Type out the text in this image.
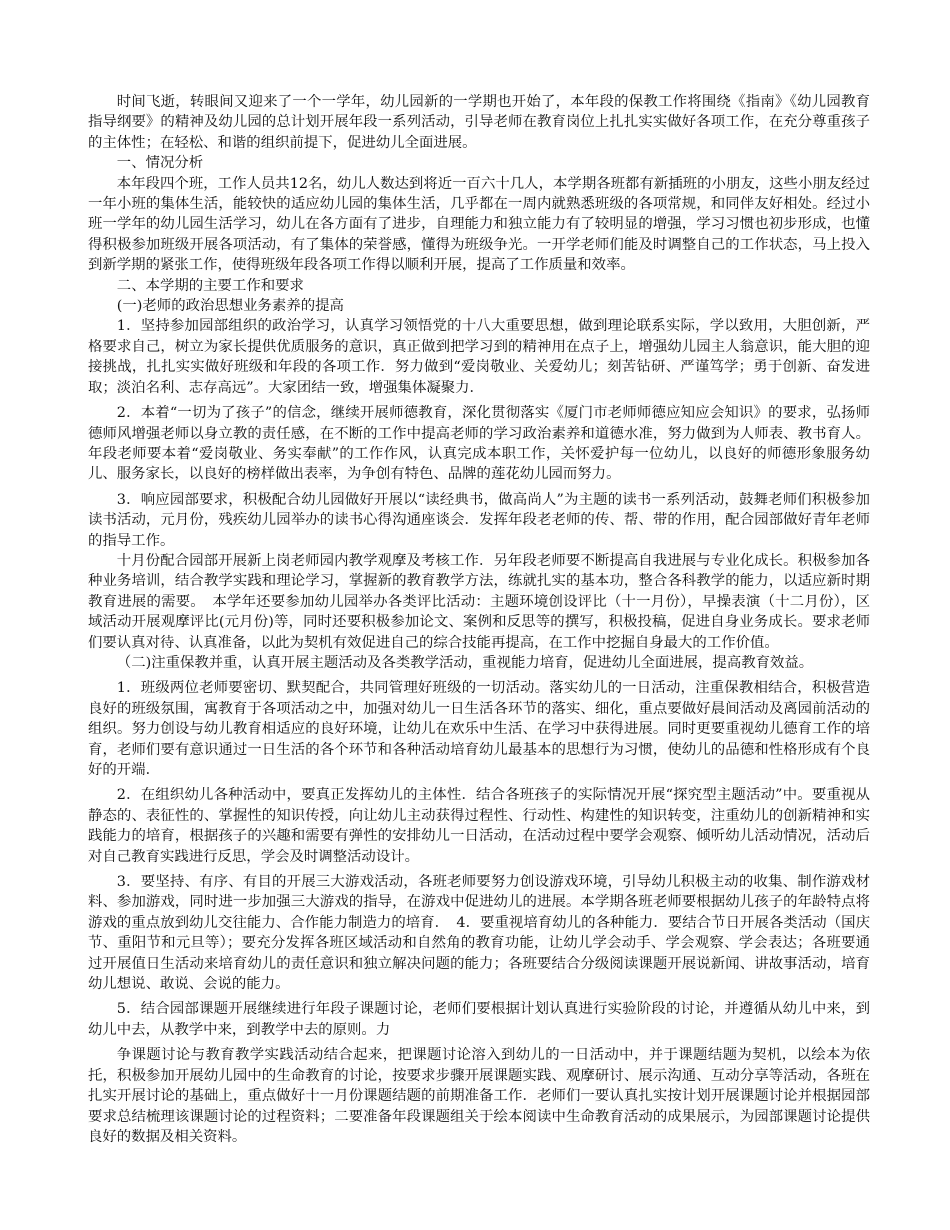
时间飞逝，转眼间又迎来了一个一学年，幼儿园新的一学期也开始了，本年段的保教工作将围绕《指南》《幼儿园教育指导纲要》的精神及幼儿园的总计划开展年段一系列活动，引导老师在教育岗位上扎扎实实做好各项工作，在充分尊重孩子的主体性；在轻松、和谐的组织前提下，促进幼儿全面进展。

一、情况分析

本年段四个班，工作人员共12名，幼儿人数达到将近一百六十几人，本学期各班都有新插班的小朋友，这些小朋友经过一年小班的集体生活，能较快的适应幼儿园的集体生活，几乎都在一周内就熟悉班级的各项常规，和同伴友好相处。经过小班一学年的幼儿园生活学习，幼儿在各方面有了进步，自理能力和独立能力有了较明显的增强，学习习惯也初步形成，也懂得积极参加班级开展各项活动，有了集体的荣誉感，懂得为班级争光。一开学老师们能及时调整自己的工作状态，马上投入到新学期的紧张工作，使得班级年段各项工作得以顺利开展，提高了工作质量和效率。

二、本学期的主要工作和要求

(一)老师的政治思想业务素养的提高

1．坚持参加园部组织的政治学习，认真学习领悟党的十八大重要思想，做到理论联系实际，学以致用，大胆创新，严格要求自己，树立为家长提供优质服务的意识，真正做到把学习到的精神用在点子上，增强幼儿园主人翁意识，能大胆的迎接挑战，扎扎实实做好班级和年段的各项工作．努力做到“爱岗敬业、关爱幼儿；刻苦钻研、严谨笃学；勇于创新、奋发进取；淡泊名利、志存高远”。大家团结一致，增强集体凝聚力．

2．本着“一切为了孩子”的信念，继续开展师德教育，深化贯彻落实《厦门市老师师德应知应会知识》的要求，弘扬师德师风增强老师以身立教的责任感，在不断的工作中提高老师的学习政治素养和道德水准，努力做到为人师表、教书育人。年段老师要本着“爱岗敬业、务实奉献”的工作作风，认真完成本职工作，关怀爱护每一位幼儿，以良好的师德形象服务幼儿、服务家长，以良好的榜样做出表率，为争创有特色、品牌的莲花幼儿园而努力。

3．响应园部要求，积极配合幼儿园做好开展以“读经典书，做高尚人”为主题的读书一系列活动，鼓舞老师们积极参加读书活动，元月份，残疾幼儿园举办的读书心得沟通座谈会．发挥年段老老师的传、帮、带的作用，配合园部做好青年老师的指导工作。

十月份配合园部开展新上岗老师园内教学观摩及考核工作．另年段老师要不断提高自我进展与专业化成长。积极参加各种业务培训，结合教学实践和理论学习，掌握新的教育教学方法，练就扎实的基本功，整合各科教学的能力，以适应新时期教育进展的需要。　本学年还要参加幼儿园举办各类评比活动：主题环境创设评比（十一月份），早操表演（十二月份），区域活动开展观摩评比(元月份)等，同时还要积极参加论文、案例和反思等的撰写，积极投稿，促进自身业务成长。要求老师们要认真对待、认真准备，以此为契机有效促进自己的综合技能再提高，在工作中挖掘自身最大的工作价值。

（二)注重保教并重，认真开展主题活动及各类教学活动，重视能力培育，促进幼儿全面进展，提高教育效益。

1．班级两位老师要密切、默契配合，共同管理好班级的一切活动。落实幼儿的一日活动，注重保教相结合，积极营造良好的班级氛围，寓教育于各项活动之中，加强对幼儿一日生活各环节的落实、细化，重点要做好晨间活动及离园前活动的组织。努力创设与幼儿教育相适应的良好环境，让幼儿在欢乐中生活、在学习中获得进展。同时更要重视幼儿德育工作的培育，老师们要有意识通过一日生活的各个环节和各种活动培育幼儿最基本的思想行为习惯，使幼儿的品德和性格形成有个良好的开端．

2．在组织幼儿各种活动中，要真正发挥幼儿的主体性．结合各班孩子的实际情况开展“探究型主题活动”中。要重视从静态的、表征性的、掌握性的知识传授，向让幼儿主动获得过程性、行动性、构建性的知识转变，注重幼儿的创新精神和实践能力的培育，根据孩子的兴趣和需要有弹性的安排幼儿一日活动，在活动过程中要学会观察、倾听幼儿活动情况，活动后对自己教育实践进行反思，学会及时调整活动设计。

3．要坚持、有序、有目的开展三大游戏活动，各班老师要努力创设游戏环境，引导幼儿积极主动的收集、制作游戏材料、参加游戏，同时进一步加强三大游戏的指导，在游戏中促进幼儿的进展。本学期各班老师要根据幼儿孩子的年龄特点将游戏的重点放到幼儿交往能力、合作能力制造力的培育．　4．要重视培育幼儿的各种能力．要结合节日开展各类活动（国庆节、重阳节和元旦等）；要充分发挥各班区域活动和自然角的教育功能，让幼儿学会动手、学会观察、学会表达；各班要通过开展值日生活动来培育幼儿的责任意识和独立解决问题的能力；各班要结合分级阅读课题开展说新闻、讲故事活动，培育幼儿想说、敢说、会说的能力。

5．结合园部课题开展继续进行年段子课题讨论，老师们要根据计划认真进行实验阶段的讨论，并遵循从幼儿中来，到幼儿中去，从教学中来，到教学中去的原则。力

争课题讨论与教育教学实践活动结合起来，把课题讨论溶入到幼儿的一日活动中，并于课题结题为契机，以绘本为依托，积极参加开展幼儿园中的生命教育的讨论，按要求步骤开展课题实践、观摩研讨、展示沟通、互动分享等活动，各班在扎实开展讨论的基础上，重点做好十一月份课题结题的前期准备工作．老师们一要认真扎实按计划开展课题讨论并根据园部要求总结梳理该课题讨论的过程资料；二要准备年段课题组关于绘本阅读中生命教育活动的成果展示，为园部课题讨论提供良好的数据及相关资料。
